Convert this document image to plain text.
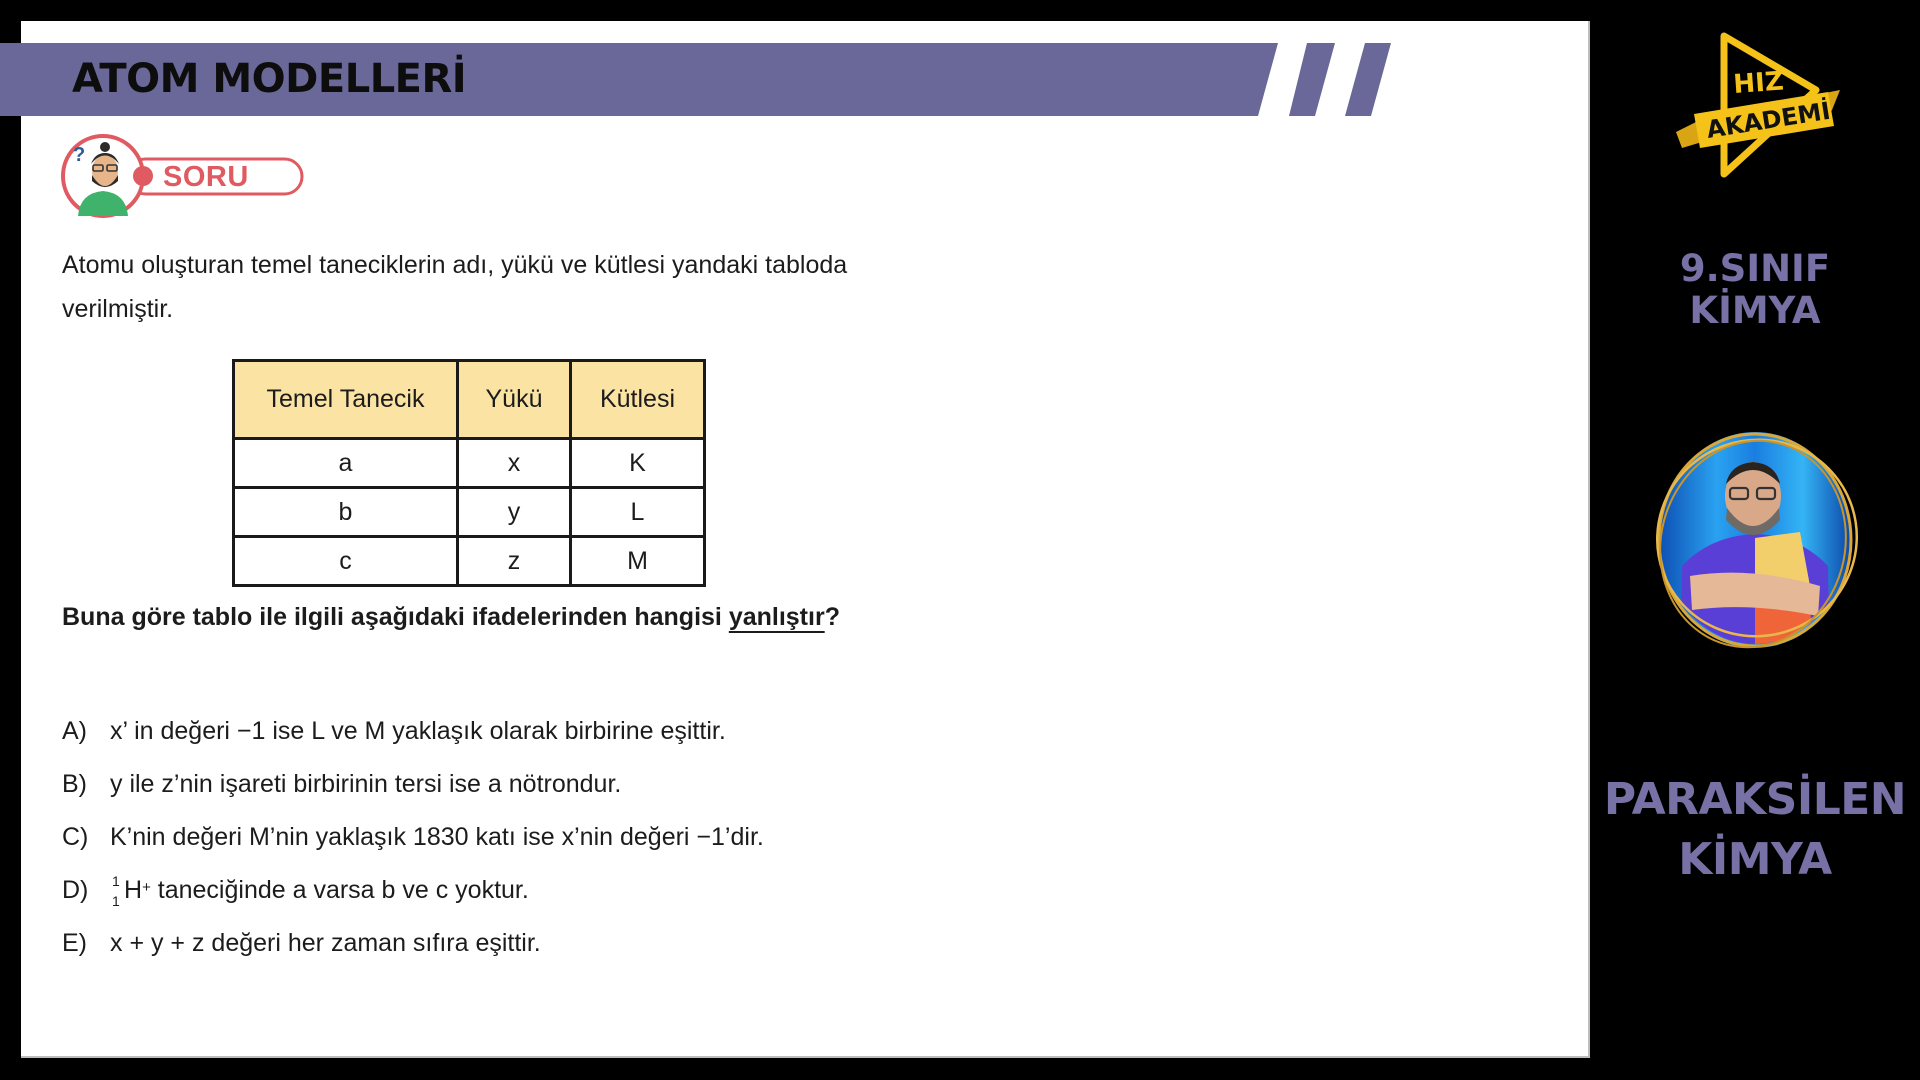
ATOM MODELLERİ
?
SORU
Atomu oluşturan temel taneciklerin adı, yükü ve kütlesi yandaki tabloda verilmiştir.
Temel Tanecik	Yükü	Kütlesi
a	x	K
b	y	L
c	z	M
Buna göre tablo ile ilgili aşağıdaki ifadelerinden hangisi yanlıştır?
A) x’ in değeri −1 ise L ve M yaklaşık olarak birbirine eşittir.
B) y ile z’nin işareti birbirinin tersi ise a nötrondur.
C) K’nin değeri M’nin yaklaşık 1830 katı ise x’nin değeri −1’dir.
D)	1
1 H+ taneciğinde a varsa b ve c yoktur.
E) x + y + z değeri her zaman sıfıra eşittir.
HIZ
AKADEMİ
9.SINIF
KİMYA
PARAKSİLEN
KİMYA
